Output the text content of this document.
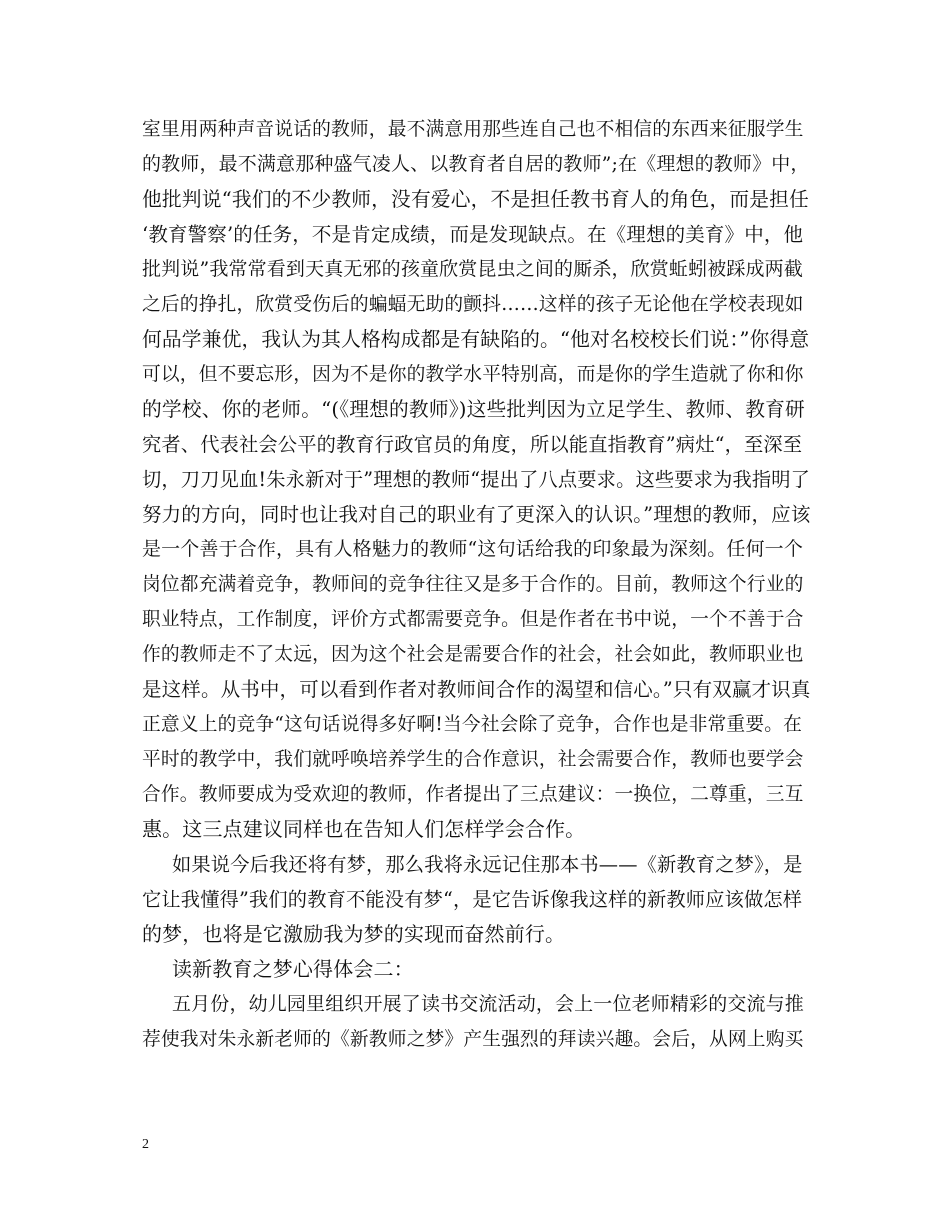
室里用两种声音说话的教师，最不满意用那些连自己也不相信的东西来征服学生
的教师，最不满意那种盛气凌人、以教育者自居的教师”;在《理想的教师》中，
他批判说“我们的不少教师，没有爱心，不是担任教书育人的角色，而是担任
‘教育警察’的任务，不是肯定成绩，而是发现缺点。在《理想的美育》中，他
批判说”我常常看到天真无邪的孩童欣赏昆虫之间的厮杀，欣赏蚯蚓被踩成两截
之后的挣扎，欣赏受伤后的蝙蝠无助的颤抖……这样的孩子无论他在学校表现如
何品学兼优，我认为其人格构成都是有缺陷的。“他对名校校长们说：”你得意
可以，但不要忘形，因为不是你的教学水平特别高，而是你的学生造就了你和你
的学校、你的老师。“(《理想的教师》)这些批判因为立足学生、教师、教育研
究者、代表社会公平的教育行政官员的角度，所以能直指教育”病灶“，至深至
切，刀刀见血!朱永新对于”理想的教师“提出了八点要求。这些要求为我指明了
努力的方向，同时也让我对自己的职业有了更深入的认识。”理想的教师，应该
是一个善于合作，具有人格魅力的教师“这句话给我的印象最为深刻。任何一个
岗位都充满着竞争，教师间的竞争往往又是多于合作的。目前，教师这个行业的
职业特点，工作制度，评价方式都需要竞争。但是作者在书中说，一个不善于合
作的教师走不了太远，因为这个社会是需要合作的社会，社会如此，教师职业也
是这样。从书中，可以看到作者对教师间合作的渴望和信心。”只有双赢才识真
正意义上的竞争“这句话说得多好啊!当今社会除了竞争，合作也是非常重要。在
平时的教学中，我们就呼唤培养学生的合作意识，社会需要合作，教师也要学会
合作。教师要成为受欢迎的教师，作者提出了三点建议：一换位，二尊重，三互
惠。这三点建议同样也在告知人们怎样学会合作。
如果说今后我还将有梦，那么我将永远记住那本书——《新教育之梦》，是
它让我懂得”我们的教育不能没有梦“，是它告诉像我这样的新教师应该做怎样
的梦，也将是它激励我为梦的实现而奋然前行。
读新教育之梦心得体会二：
五月份，幼儿园里组织开展了读书交流活动，会上一位老师精彩的交流与推
荐使我对朱永新老师的《新教师之梦》产生强烈的拜读兴趣。会后，从网上购买
2
